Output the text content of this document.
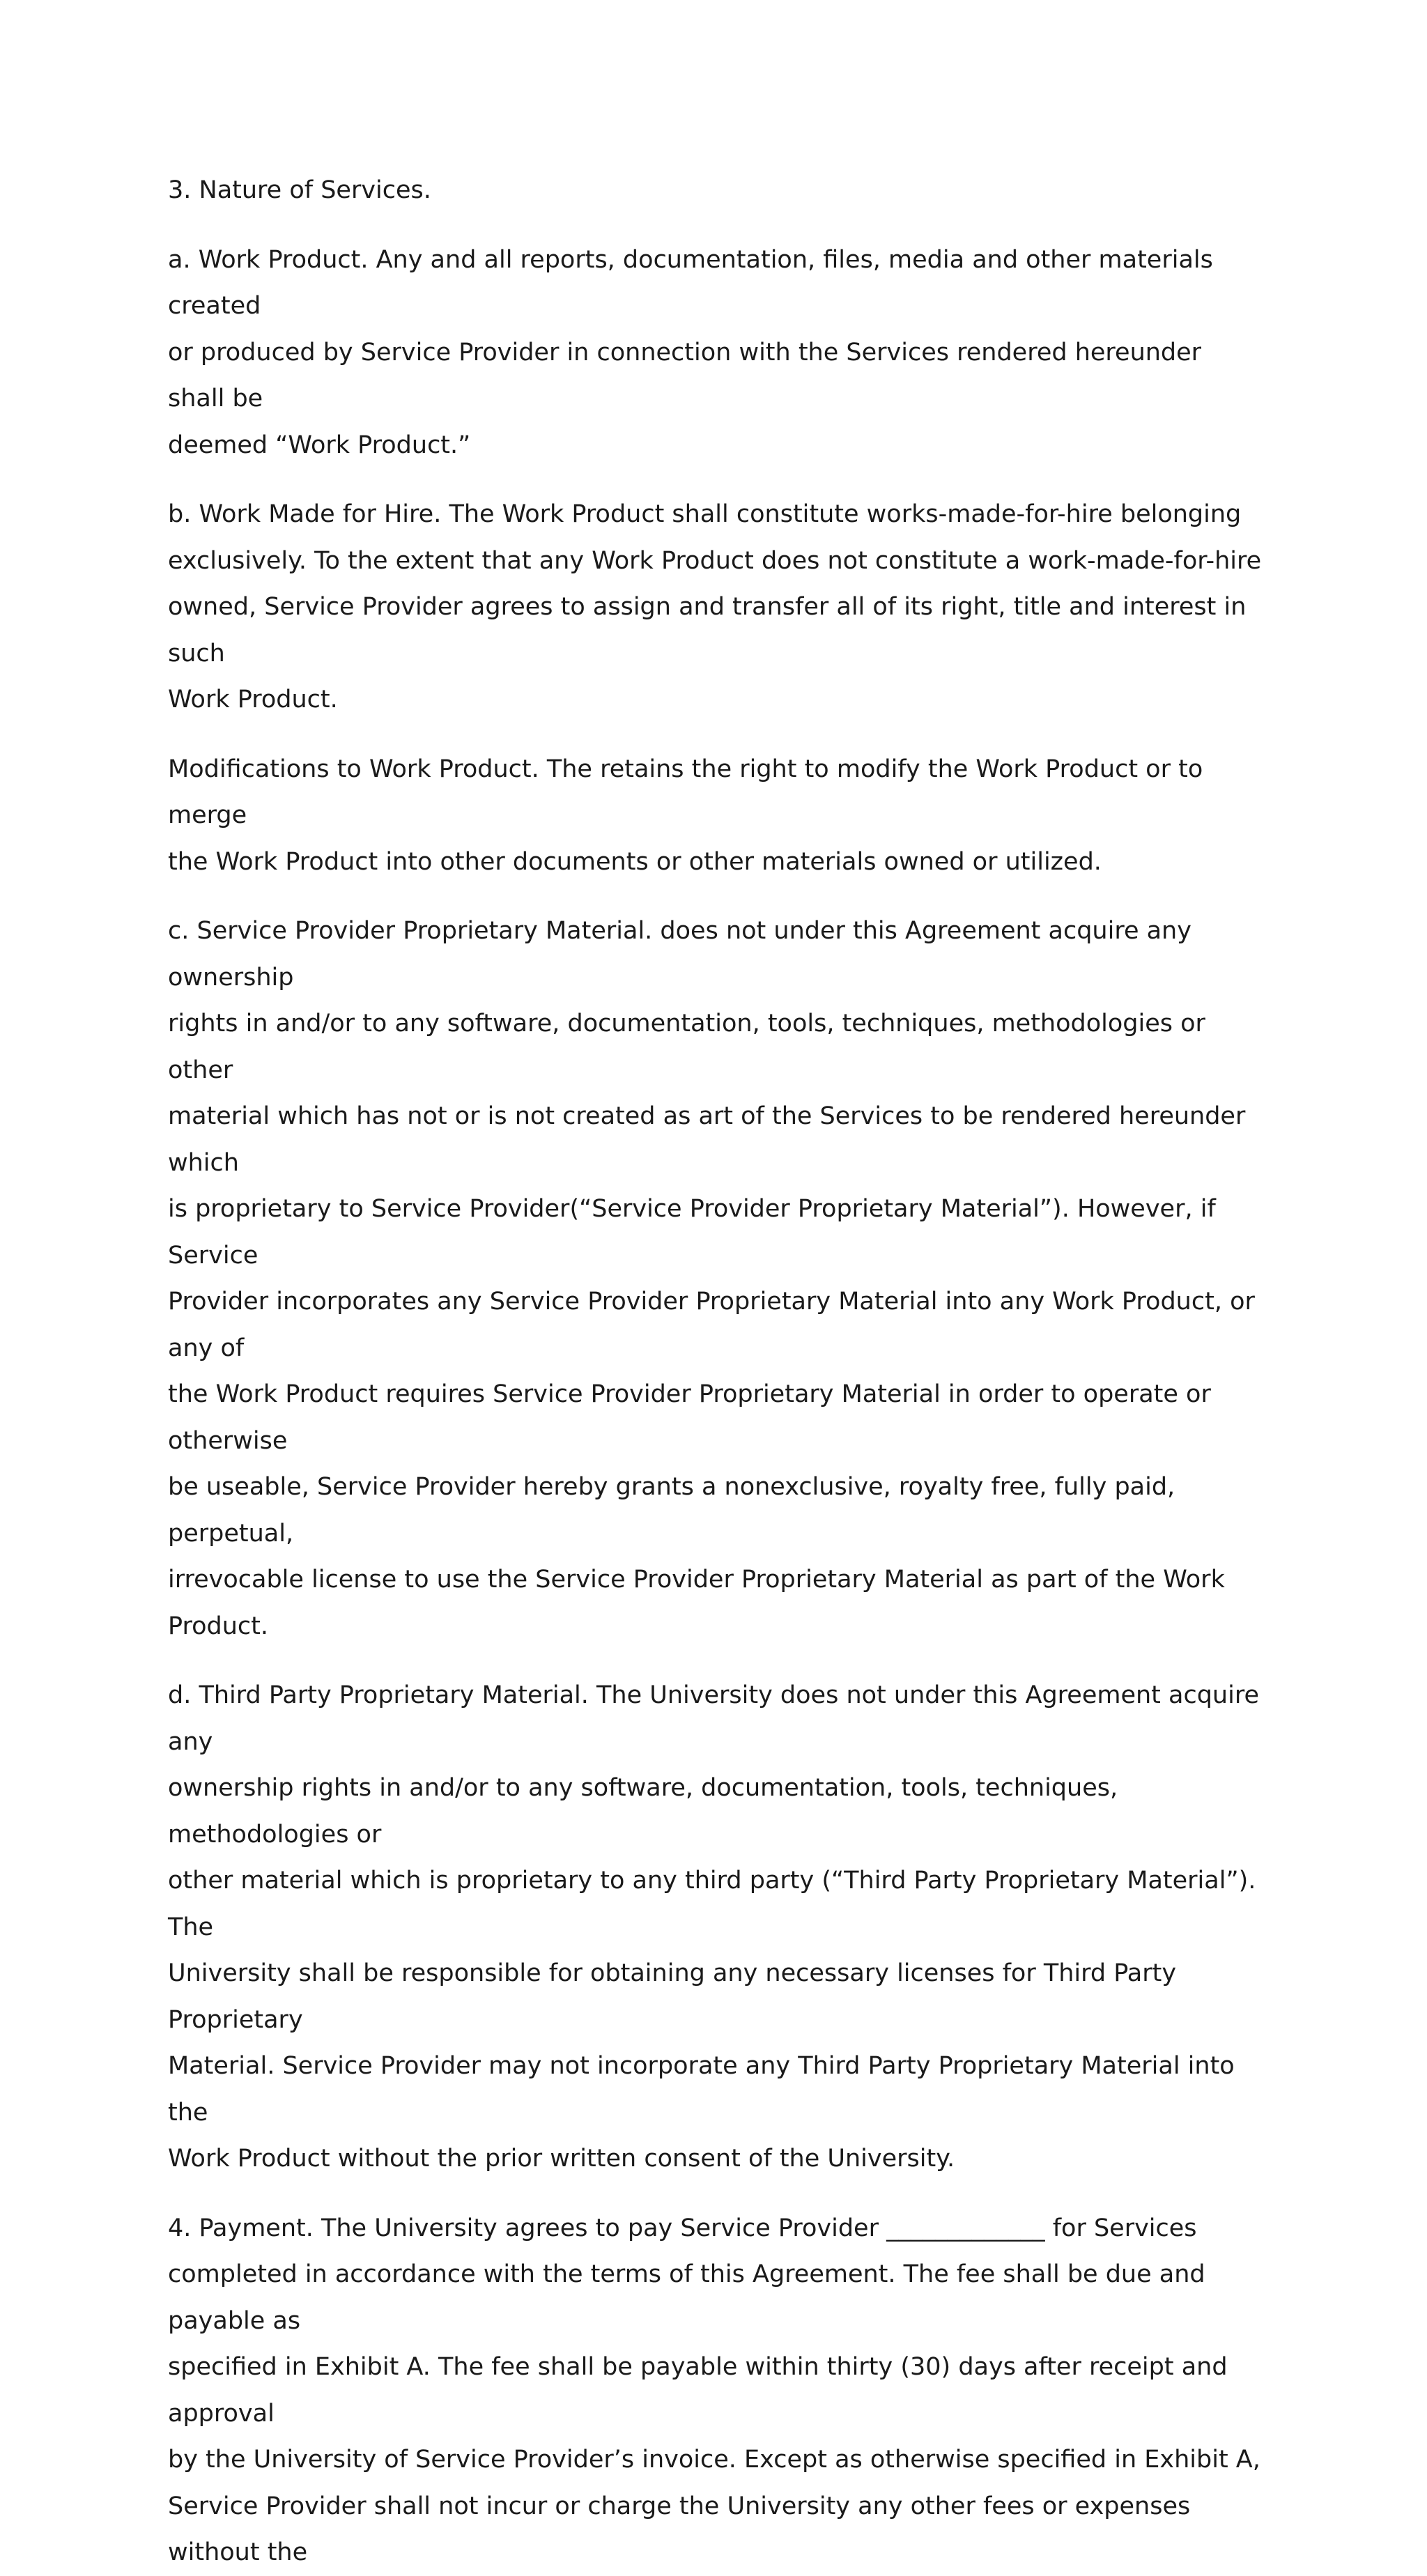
3. Nature of Services.

a. Work Product. Any and all reports, documentation, files, media and other materials created
or produced by Service Provider in connection with the Services rendered hereunder shall be
deemed “Work Product.”

b. Work Made for Hire. The Work Product shall constitute works-made-for-hire belonging
exclusively. To the extent that any Work Product does not constitute a work-made-for-hire
owned, Service Provider agrees to assign and transfer all of its right, title and interest in such
Work Product.

Modifications to Work Product. The retains the right to modify the Work Product or to merge
the Work Product into other documents or other materials owned or utilized.

c. Service Provider Proprietary Material. does not under this Agreement acquire any ownership
rights in and/or to any software, documentation, tools, techniques, methodologies or other
material which has not or is not created as art of the Services to be rendered hereunder which
is proprietary to Service Provider(“Service Provider Proprietary Material”). However, if Service
Provider incorporates any Service Provider Proprietary Material into any Work Product, or any of
the Work Product requires Service Provider Proprietary Material in order to operate or otherwise
be useable, Service Provider hereby grants a nonexclusive, royalty free, fully paid, perpetual,
irrevocable license to use the Service Provider Proprietary Material as part of the Work Product.

d. Third Party Proprietary Material. The University does not under this Agreement acquire any
ownership rights in and/or to any software, documentation, tools, techniques, methodologies or
other material which is proprietary to any third party (“Third Party Proprietary Material”). The
University shall be responsible for obtaining any necessary licenses for Third Party Proprietary
Material. Service Provider may not incorporate any Third Party Proprietary Material into the
Work Product without the prior written consent of the University.

4. Payment. The University agrees to pay Service Provider _____________ for Services
completed in accordance with the terms of this Agreement. The fee shall be due and payable as
specified in Exhibit A. The fee shall be payable within thirty (30) days after receipt and approval
by the University of Service Provider’s invoice. Except as otherwise specified in Exhibit A,
Service Provider shall not incur or charge the University any other fees or expenses without the
